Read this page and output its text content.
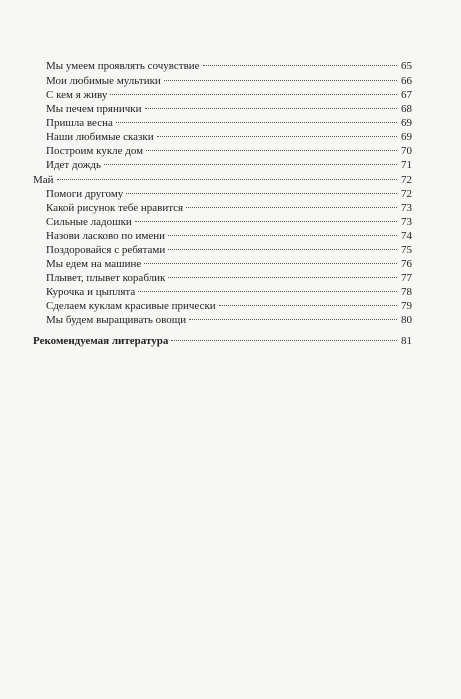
Мы умеем проявлять сочувствие	65
Мои любимые мультики	66
С кем я живу	67
Мы печем прянички	68
Пришла весна	69
Наши любимые сказки	69
Построим кукле дом	70
Идет дождь	71
Май	72
Помоги другому	72
Какой рисунок тебе нравится	73
Сильные ладошки	73
Назови ласково по имени	74
Поздоровайся с ребятами	75
Мы едем на машине	76
Плывет, плывет кораблик	77
Курочка и цыплята	78
Сделаем куклам красивые прически	79
Мы будем выращивать овощи	80
Рекомендуемая литература	81
